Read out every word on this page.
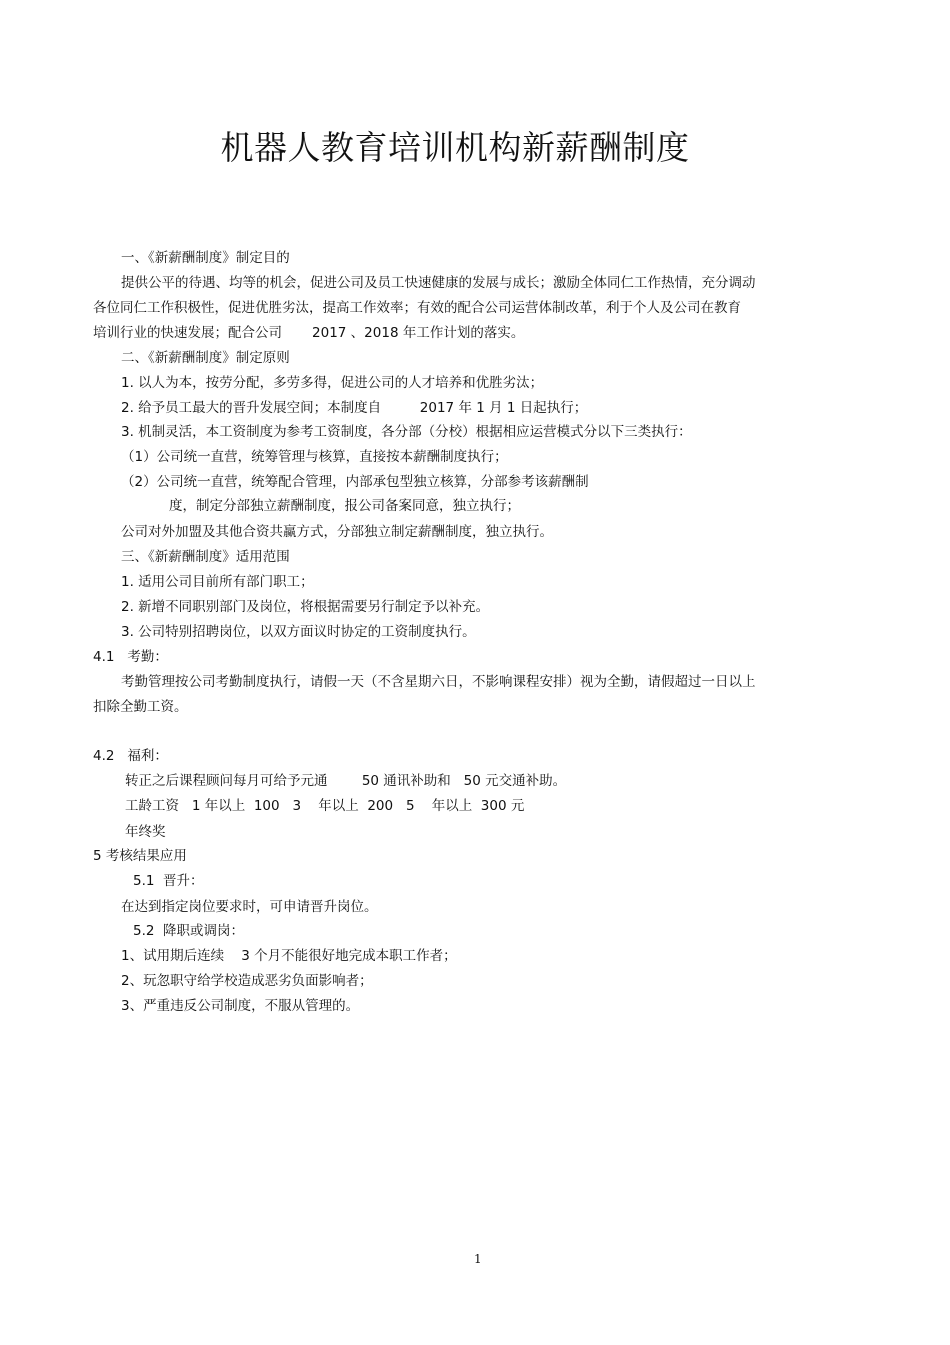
机器人教育培训机构新薪酬制度
一、《新薪酬制度》制定目的
提供公平的待遇、均等的机会，促进公司及员工快速健康的发展与成长；激励全体同仁工作热情，充分调动
各位同仁工作积极性，促进优胜劣汰，提高工作效率；有效的配合公司运营体制改革，利于个人及公司在教育
培训行业的快速发展；配合公司       2017 、2018 年工作计划的落实。
二、《新薪酬制度》制定原则
1. 以人为本，按劳分配，多劳多得，促进公司的人才培养和优胜劣汰；
2. 给予员工最大的晋升发展空间；本制度自         2017 年 1 月 1 日起执行；
3. 机制灵活，本工资制度为参考工资制度，各分部（分校）根据相应运营模式分以下三类执行：
（1）公司统一直营，统筹管理与核算，直接按本薪酬制度执行；
（2）公司统一直营，统筹配合管理，内部承包型独立核算，分部参考该薪酬制
度，制定分部独立薪酬制度，报公司备案同意，独立执行；
公司对外加盟及其他合资共赢方式，分部独立制定薪酬制度，独立执行。
三、《新薪酬制度》适用范围
1. 适用公司目前所有部门职工；
2. 新增不同职别部门及岗位，将根据需要另行制定予以补充。
3. 公司特别招聘岗位，以双方面议时协定的工资制度执行。
4.1   考勤：
考勤管理按公司考勤制度执行，请假一天（不含星期六日，不影响课程安排）视为全勤，请假超过一日以上
扣除全勤工资。
4.2   福利：
转正之后课程顾问每月可给予元通        50 通讯补助和   50 元交通补助。
工龄工资   1 年以上  100   3    年以上  200   5    年以上  300 元
年终奖
5 考核结果应用
5.1  晋升：
在达到指定岗位要求时，可申请晋升岗位。
5.2  降职或调岗：
1、试用期后连续    3 个月不能很好地完成本职工作者；
2、玩忽职守给学校造成恶劣负面影响者；
3、严重违反公司制度，不服从管理的。
1
